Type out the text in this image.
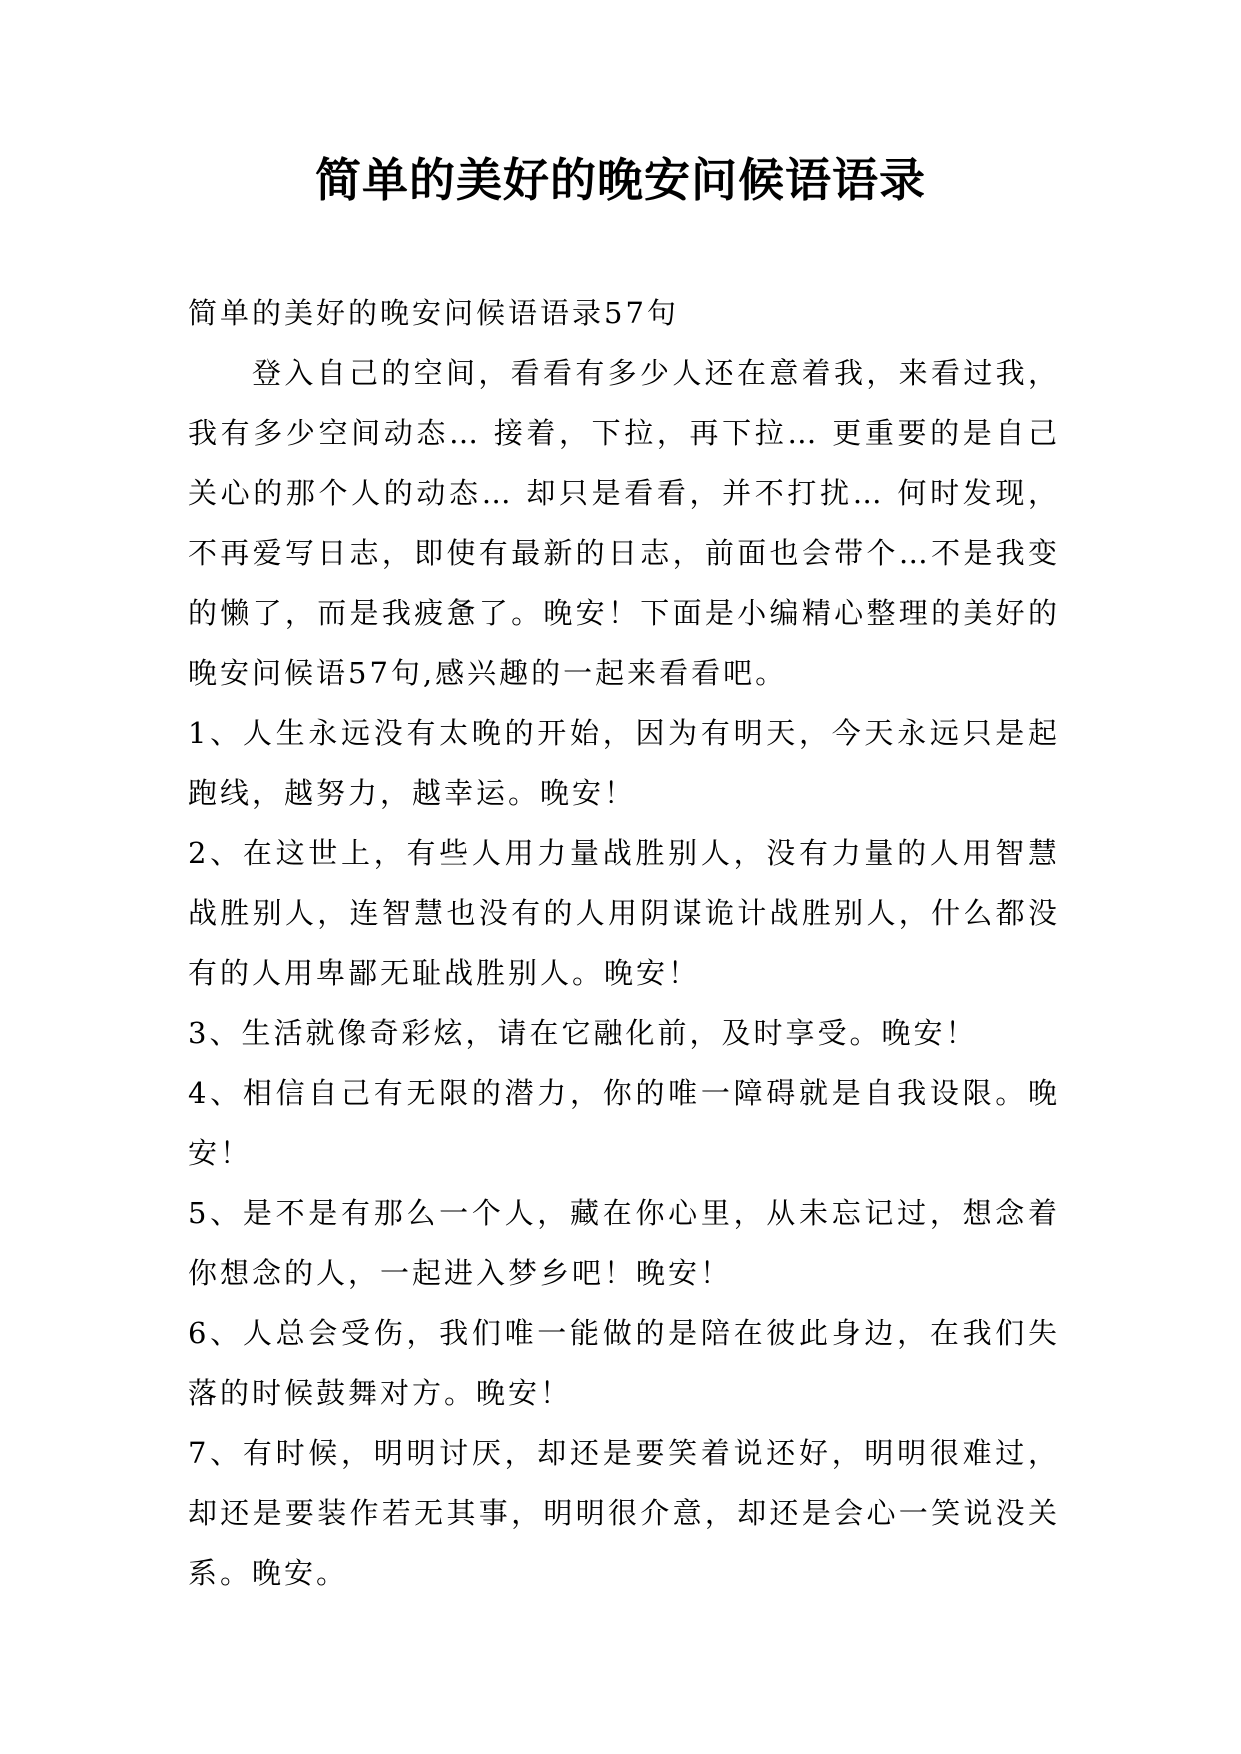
简单的美好的晚安问候语语录

简单的美好的晚安问候语语录57句

登入自己的空间，看看有多少人还在意着我，来看过我，我有多少空间动态… 接着，下拉，再下拉… 更重要的是自己关心的那个人的动态… 却只是看看，并不打扰… 何时发现，不再爱写日志，即使有最新的日志，前面也会带个…不是我变的懒了，而是我疲惫了。晚安！下面是小编精心整理的美好的晚安问候语57句,感兴趣的一起来看看吧。

1、人生永远没有太晚的开始，因为有明天，今天永远只是起跑线，越努力，越幸运。晚安！

2、在这世上，有些人用力量战胜别人，没有力量的人用智慧战胜别人，连智慧也没有的人用阴谋诡计战胜别人，什么都没有的人用卑鄙无耻战胜别人。晚安！

3、生活就像奇彩炫，请在它融化前，及时享受。晚安！

4、相信自己有无限的潜力，你的唯一障碍就是自我设限。晚安！

5、是不是有那么一个人，藏在你心里，从未忘记过，想念着你想念的人，一起进入梦乡吧！晚安！

6、人总会受伤，我们唯一能做的是陪在彼此身边，在我们失落的时候鼓舞对方。晚安！

7、有时候，明明讨厌，却还是要笑着说还好，明明很难过，却还是要装作若无其事，明明很介意，却还是会心一笑说没关系。晚安。
